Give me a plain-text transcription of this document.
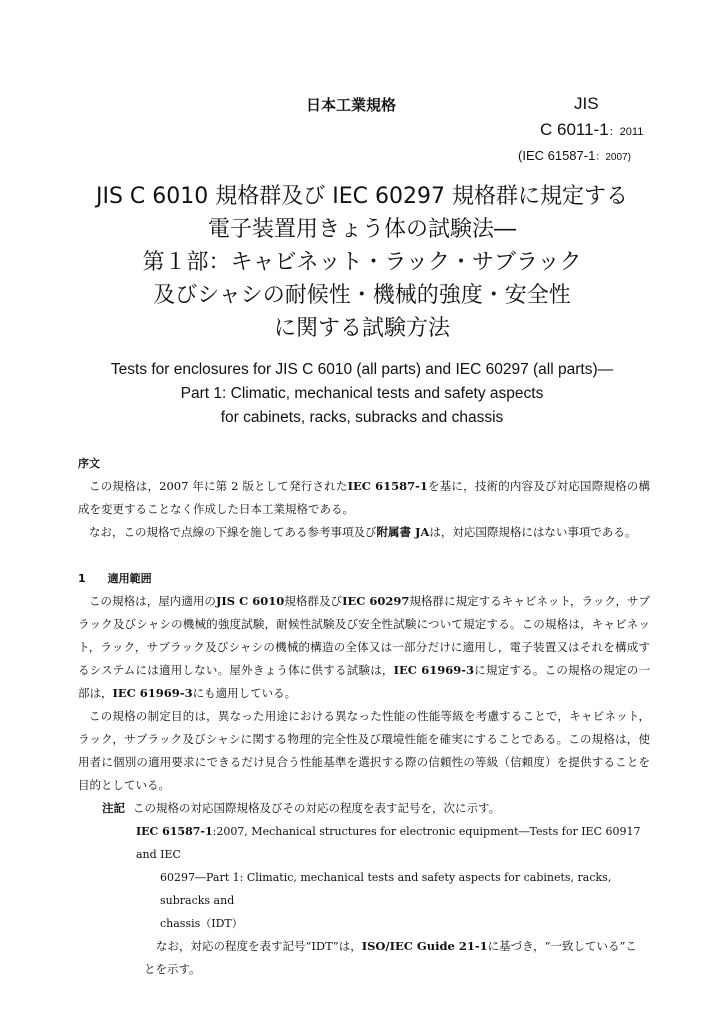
日本工業規格	JIS
C 6011-1：2011
(IEC 61587-1：2007)
JIS C 6010 規格群及び IEC 60297 規格群に規定する
電子装置用きょう体の試験法―
第１部：キャビネット・ラック・サブラック
及びシャシの耐候性・機械的強度・安全性
に関する試験方法
Tests for enclosures for JIS C 6010 (all parts) and IEC 60297 (all parts)―
Part 1: Climatic, mechanical tests and safety aspects
for cabinets, racks, subracks and chassis
序文
この規格は，2007 年に第 2 版として発行されたIEC 61587-1を基に，技術的内容及び対応国際規格の構成を変更することなく作成した日本工業規格である。
なお，この規格で点線の下線を施してある参考事項及び附属書 JAは，対応国際規格にはない事項である。
1　　適用範囲
この規格は，屋内適用のJIS C 6010規格群及びIEC 60297規格群に規定するキャビネット，ラック，サブラック及びシャシの機械的強度試験，耐候性試験及び安全性試験について規定する。この規格は，キャビネット，ラック，サブラック及びシャシの機械的構造の全体又は一部分だけに適用し，電子装置又はそれを構成するシステムには適用しない。屋外きょう体に供する試験は，IEC 61969-3に規定する。この規格の規定の一部は，IEC 61969-3にも適用している。
この規格の制定目的は，異なった用途における異なった性能の性能等級を考慮することで，キャビネット，ラック，サブラック及びシャシに関する物理的完全性及び環境性能を確実にすることである。この規格は，使用者に個別の適用要求にできるだけ見合う性能基準を選択する際の信頼性の等級（信頼度）を提供することを目的としている。
注記 この規格の対応国際規格及びその対応の程度を表す記号を，次に示す。
IEC 61587-1:2007, Mechanical structures for electronic equipment―Tests for IEC 60917 and IEC
60297―Part 1: Climatic, mechanical tests and safety aspects for cabinets, racks, subracks and
chassis（IDT）
なお，対応の程度を表す記号“IDT”は，ISO/IEC Guide 21-1に基づき，“一致している”こ
とを示す。
